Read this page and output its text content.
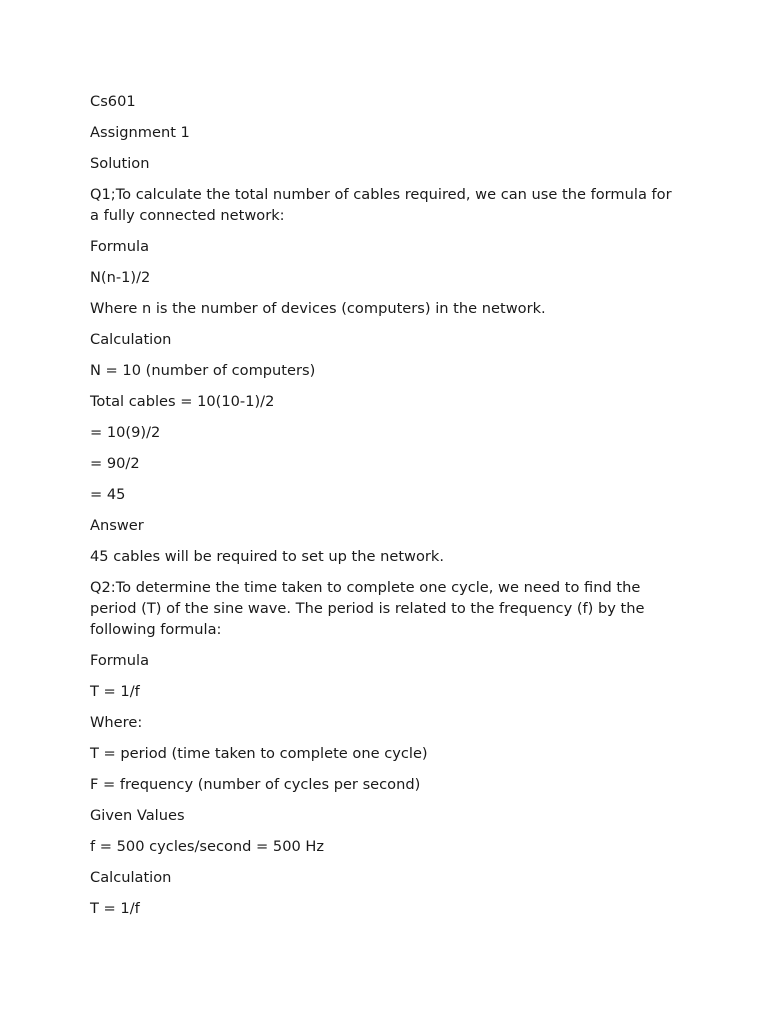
Cs601

Assignment 1

Solution

Q1;To calculate the total number of cables required, we can use the formula for a fully connected network:

Formula

N(n-1)/2

Where n is the number of devices (computers) in the network.

Calculation

N = 10 (number of computers)

Total cables = 10(10-1)/2

= 10(9)/2

= 90/2

= 45

Answer

45 cables will be required to set up the network.

Q2:To determine the time taken to complete one cycle, we need to find the period (T) of the sine wave. The period is related to the frequency (f) by the following formula:

Formula

T = 1/f

Where:

T = period (time taken to complete one cycle)

F = frequency (number of cycles per second)

Given Values

f = 500 cycles/second = 500 Hz

Calculation

T = 1/f
